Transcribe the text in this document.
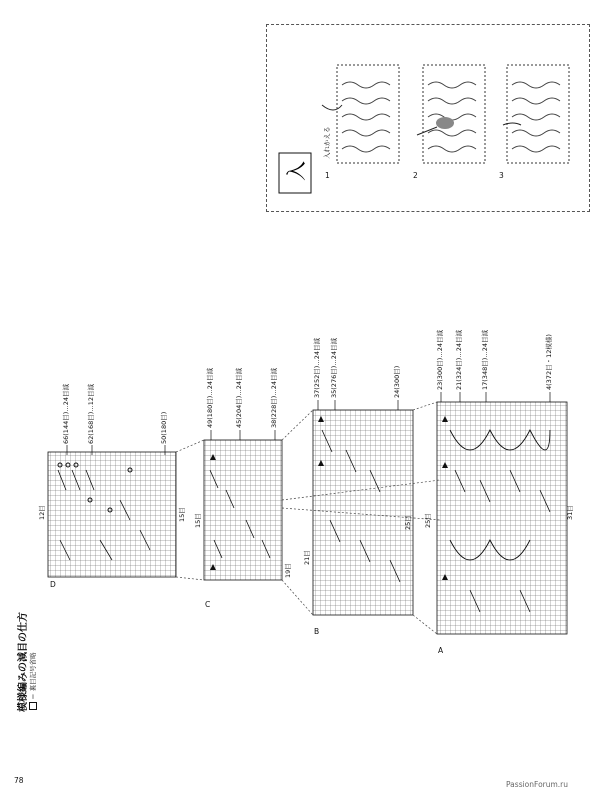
78	PassionForum.ru
模様編みの減目の仕方 ＝ 裏目記号省略
入 1	2	3
入れかえる
D
C
B
A
12目	15目 15目
19目
21目
25目 25目
31目
66(144目)…24目減	62(168目)…12目減	50(180目)	49(180目)…24目減	45(204目)…24目減	38(228目)…24目減	37(252目)…24目減 35(276目)…24目減	24(300目)	23(300目)…24目減 21(324目)…24目減	17(348目)…24目減	4(372目・12模様)
